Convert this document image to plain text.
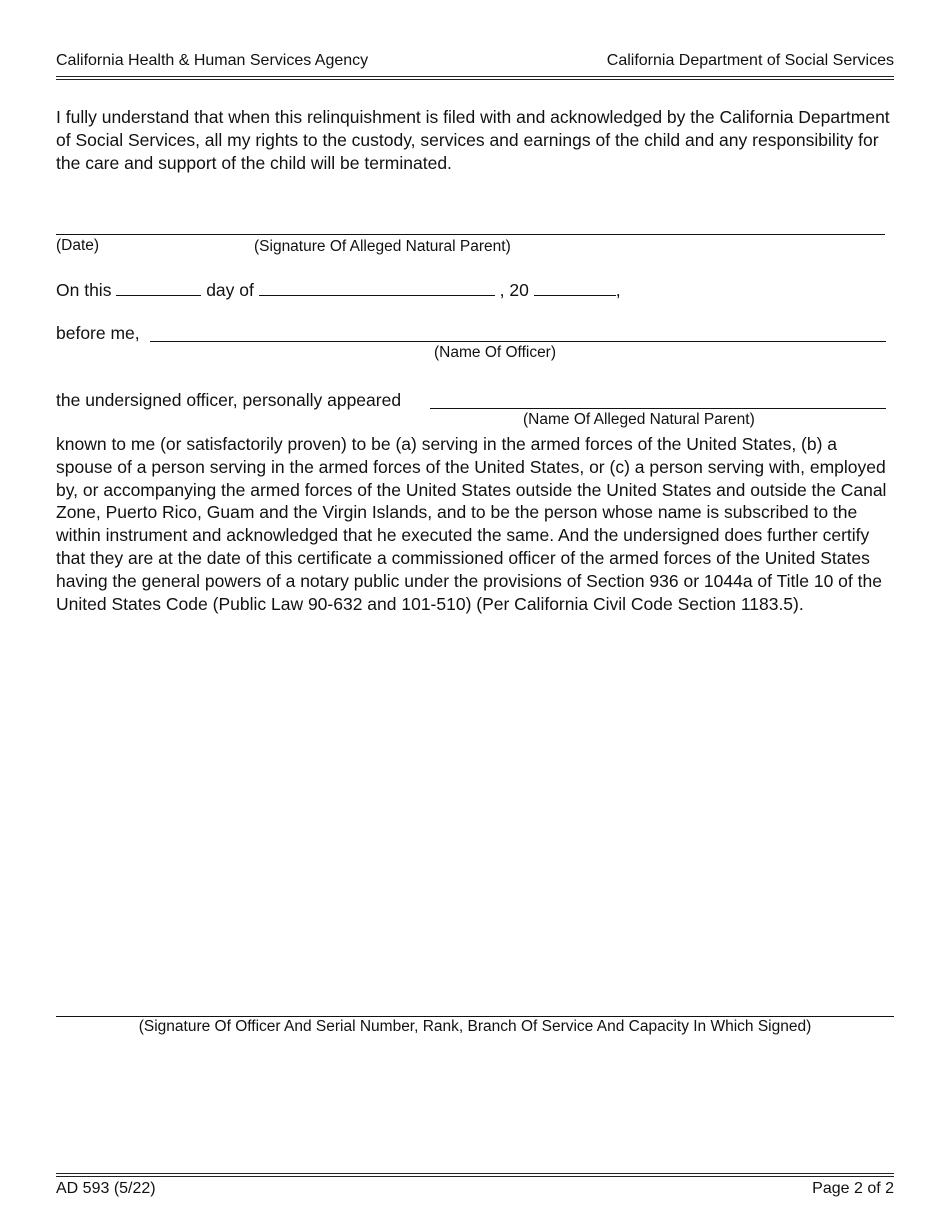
California Health & Human Services Agency	California Department of Social Services

I fully understand that when this relinquishment is filed with and acknowledged by the California Department of Social Services, all my rights to the custody, services and earnings of the child and any responsibility for the care and support of the child will be terminated.

(Date)	(Signature Of Alleged Natural Parent)
On this	day of	, 20	,
before me,
(Name Of Officer)
the undersigned officer, personally appeared
(Name Of Alleged Natural Parent)

known to me (or satisfactorily proven) to be (a) serving in the armed forces of the United States, (b) a spouse of a person serving in the armed forces of the United States, or (c) a person serving with, employed by, or accompanying the armed forces of the United States outside the United States and outside the Canal Zone, Puerto Rico, Guam and the Virgin Islands, and to be the person whose name is subscribed to the within instrument and acknowledged that he executed the same. And the undersigned does further certify that they are at the date of this certificate a commissioned officer of the armed forces of the United States having the general powers of a notary public under the provisions of Section 936 or 1044a of Title 10 of the United States Code (Public Law 90-632 and 101-510) (Per California Civil Code Section 1183.5).

(Signature Of Officer And Serial Number, Rank, Branch Of Service And Capacity In Which Signed)
AD 593 (5/22)	Page 2 of 2
